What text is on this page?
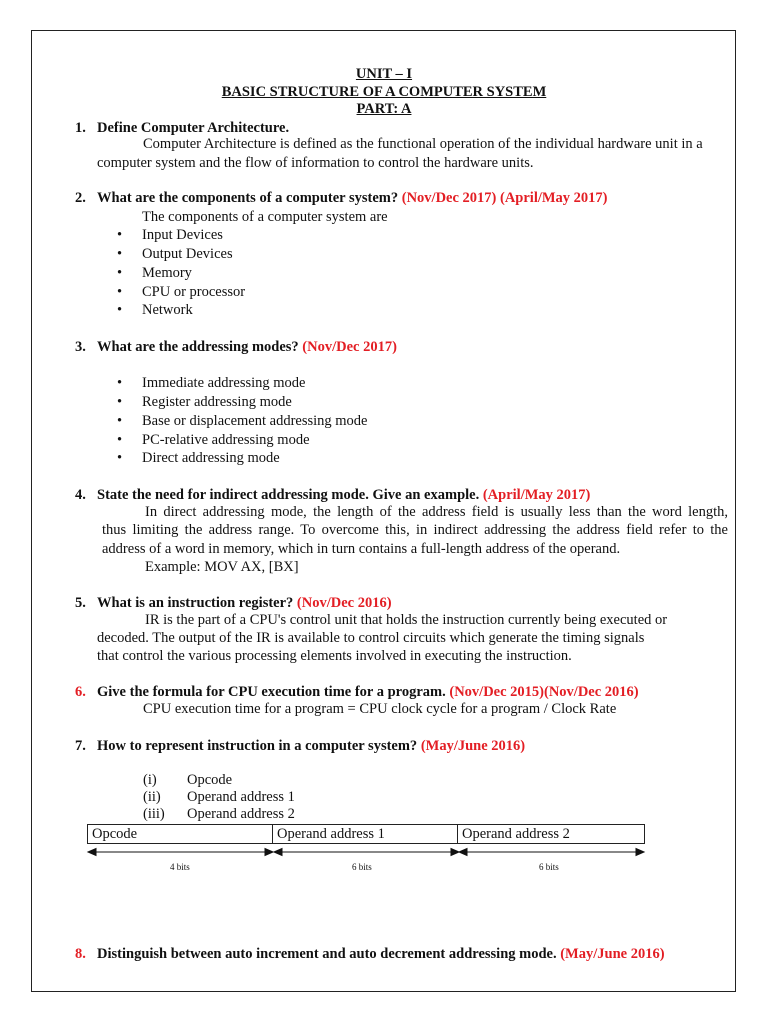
UNIT – I
BASIC STRUCTURE OF A COMPUTER SYSTEM
PART: A
1. Define Computer Architecture.
Computer Architecture is defined as the functional operation of the individual hardware unit in a
computer system and the flow of information to control the hardware units.
2. What are the components of a computer system? (Nov/Dec 2017) (April/May 2017)
The components of a computer system are
• Input Devices
• Output Devices
• Memory
• CPU or processor
• Network
3. What are the addressing modes? (Nov/Dec 2017)
• Immediate addressing mode
• Register addressing mode
• Base or displacement addressing mode
• PC-relative addressing mode
• Direct addressing mode
4. State the need for indirect addressing mode. Give an example. (April/May 2017)
In direct addressing mode, the length of the address field is usually less than the word length,
thus limiting the address range. To overcome this, in indirect addressing the address field refer to the
address of a word in memory, which in turn contains a full-length address of the operand.
Example: MOV AX, [BX]
5. What is an instruction register? (Nov/Dec 2016)
IR is the part of a CPU's control unit that holds the instruction currently being executed or
decoded. The output of the IR is available to control circuits which generate the timing signals
that control the various processing elements involved in executing the instruction.
6. Give the formula for CPU execution time for a program. (Nov/Dec 2015)(Nov/Dec 2016)
CPU execution time for a program = CPU clock cycle for a program / Clock Rate
7. How to represent instruction in a computer system? (May/June 2016)
(i) Opcode
(ii) Operand address 1
(iii) Operand address 2
Opcode	Operand address 1	Operand address 2
4 bits	6 bits	6 bits
8. Distinguish between auto increment and auto decrement addressing mode. (May/June 2016)
